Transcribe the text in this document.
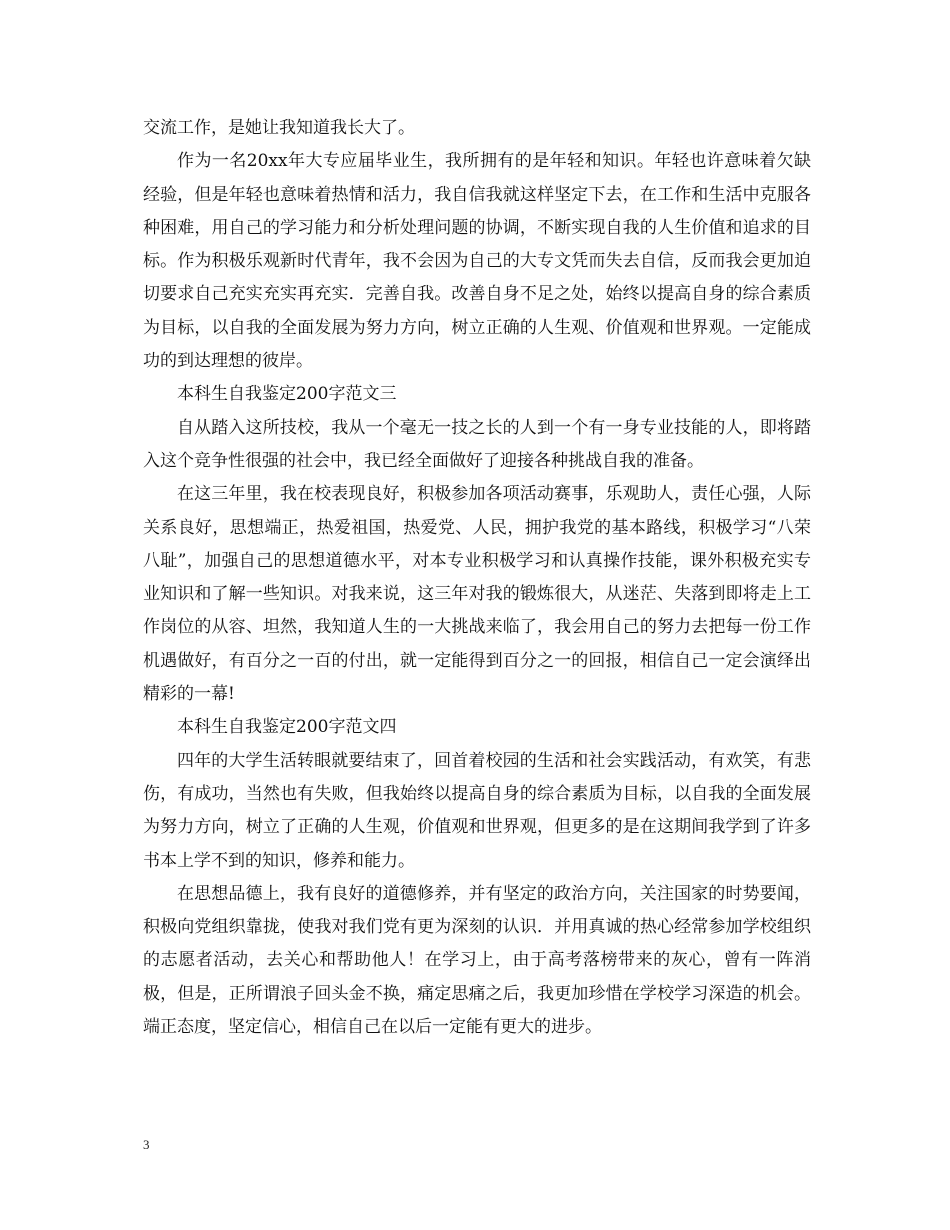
交流工作，是她让我知道我长大了。

作为一名20xx年大专应届毕业生，我所拥有的是年轻和知识。年轻也许意味着欠缺经验，但是年轻也意味着热情和活力，我自信我就这样坚定下去，在工作和生活中克服各种困难，用自己的学习能力和分析处理问题的协调，不断实现自我的人生价值和追求的目标。作为积极乐观新时代青年，我不会因为自己的大专文凭而失去自信，反而我会更加迫切要求自己充实充实再充实．完善自我。改善自身不足之处，始终以提高自身的综合素质为目标，以自我的全面发展为努力方向，树立正确的人生观、价值观和世界观。一定能成功的到达理想的彼岸。

本科生自我鉴定200字范文三

自从踏入这所技校，我从一个毫无一技之长的人到一个有一身专业技能的人，即将踏入这个竞争性很强的社会中，我已经全面做好了迎接各种挑战自我的准备。

在这三年里，我在校表现良好，积极参加各项活动赛事，乐观助人，责任心强，人际关系良好，思想端正，热爱祖国，热爱党、人民，拥护我党的基本路线，积极学习“八荣八耻”，加强自己的思想道德水平，对本专业积极学习和认真操作技能，课外积极充实专业知识和了解一些知识。对我来说，这三年对我的锻炼很大，从迷茫、失落到即将走上工作岗位的从容、坦然，我知道人生的一大挑战来临了，我会用自己的努力去把每一份工作机遇做好，有百分之一百的付出，就一定能得到百分之一的回报，相信自己一定会演绎出精彩的一幕!

本科生自我鉴定200字范文四

四年的大学生活转眼就要结束了，回首着校园的生活和社会实践活动，有欢笑，有悲伤，有成功，当然也有失败，但我始终以提高自身的综合素质为目标，以自我的全面发展为努力方向，树立了正确的人生观，价值观和世界观，但更多的是在这期间我学到了许多书本上学不到的知识，修养和能力。

在思想品德上，我有良好的道德修养，并有坚定的政治方向，关注国家的时势要闻，积极向党组织靠拢，使我对我们党有更为深刻的认识．并用真诚的热心经常参加学校组织的志愿者活动，去关心和帮助他人！在学习上，由于高考落榜带来的灰心，曾有一阵消极，但是，正所谓浪子回头金不换，痛定思痛之后，我更加珍惜在学校学习深造的机会。端正态度，坚定信心，相信自己在以后一定能有更大的进步。

3
